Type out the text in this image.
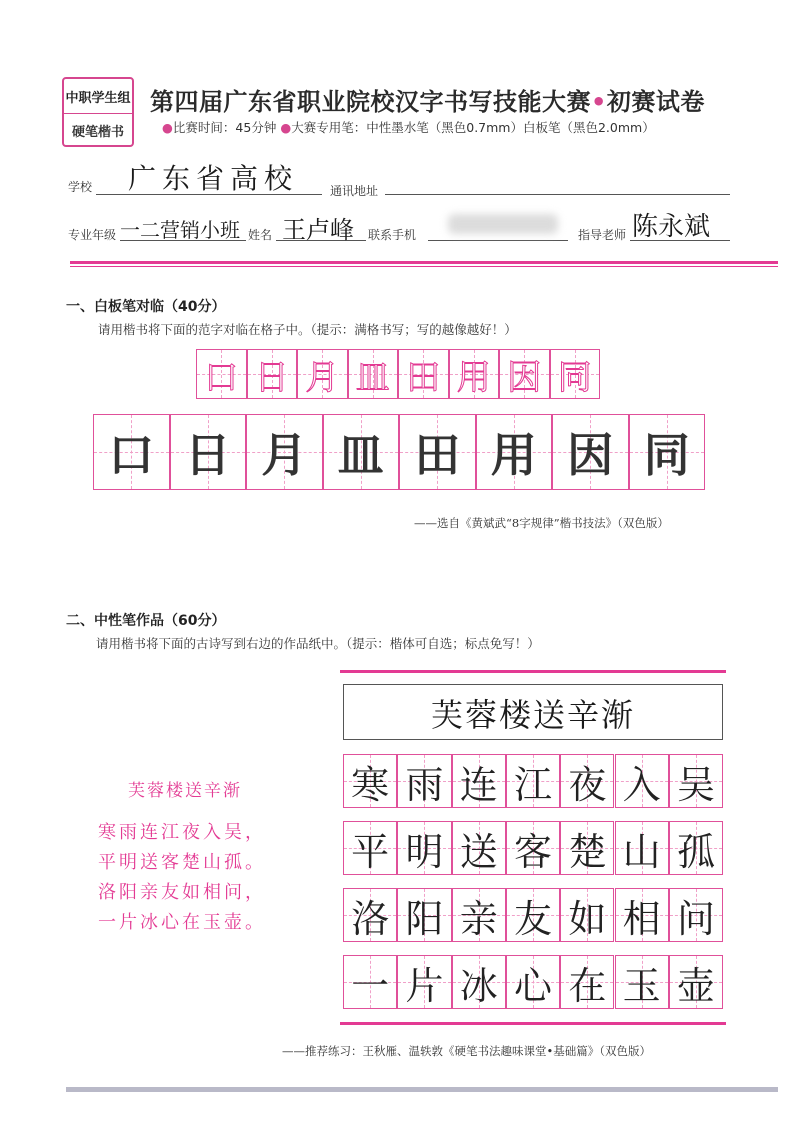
中职学生组
硬笔楷书
第四届广东省职业院校汉字书写技能大赛•初赛试卷
●比赛时间：45分钟 ●大赛专用笔：中性墨水笔（黑色0.7mm）白板笔（黑色2.0mm）
学校 广东省高校	通讯地址
专业年级 一二营销小班 姓名 王卢峰 联系手机	指导老师 陈永斌
一、白板笔对临（40分）
请用楷书将下面的范字对临在格子中。（提示：满格书写；写的越像越好！）
口 日 月 皿 田 用 因 同
口 日 月 皿 田 用 因 同
——选自《黄斌武“8字规律”楷书技法》（双色版）
二、中性笔作品（60分）
请用楷书将下面的古诗写到右边的作品纸中。（提示：楷体可自选；标点免写！）
芙蓉楼送辛渐
寒雨连江夜入吴，
平明送客楚山孤。
洛阳亲友如相问，
一片冰心在玉壶。
芙蓉楼送辛渐
寒 雨 连 江 夜 入 吴
平 明 送 客 楚 山 孤
洛 阳 亲 友 如 相 问
一 片 冰 心 在 玉 壶
——推荐练习：王秋雁、温轶敦《硬笔书法趣味课堂•基础篇》（双色版）
